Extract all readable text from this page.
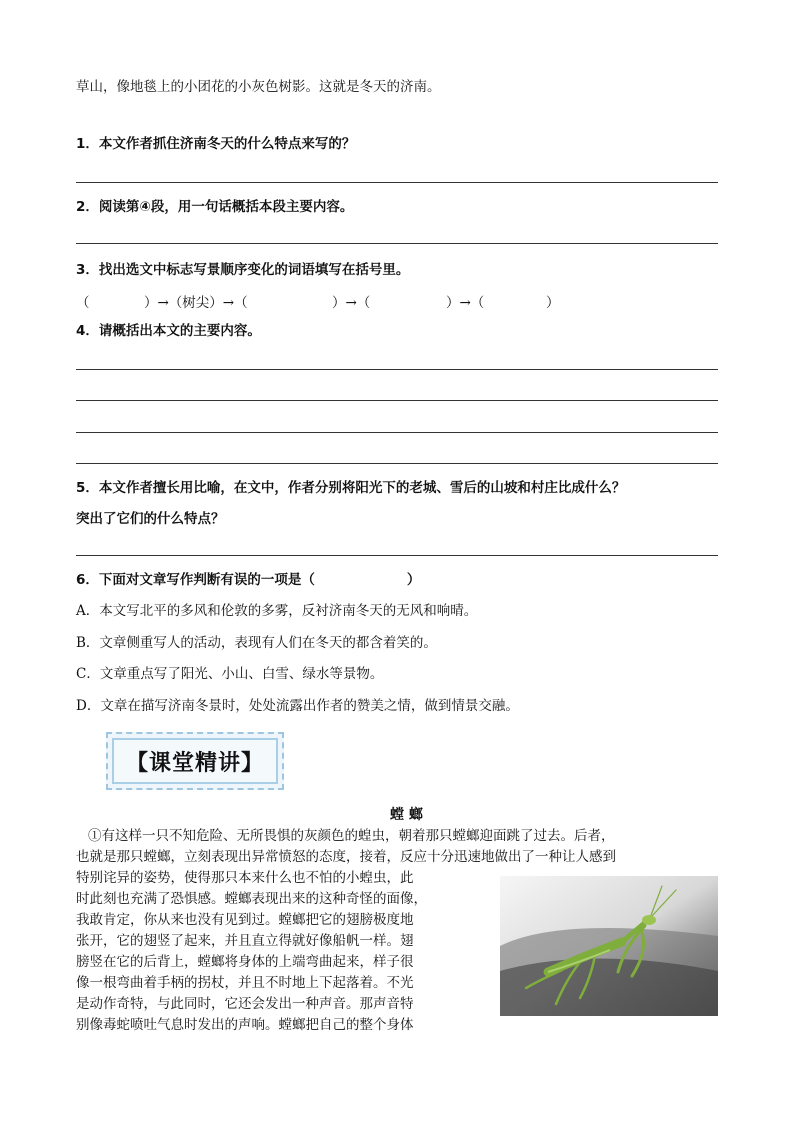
草山，像地毯上的小团花的小灰色树影。这就是冬天的济南。
1．本文作者抓住济南冬天的什么特点来写的？
2．阅读第④段，用一句话概括本段主要内容。
3．找出选文中标志写景顺序变化的词语填写在括号里。
（	）→（树尖）→（	）→（	）→（	）
4．请概括出本文的主要内容。
5．本文作者擅长用比喻，在文中，作者分别将阳光下的老城、雪后的山坡和村庄比成什么？
突出了它们的什么特点？
6．下面对文章写作判断有误的一项是（	）
A．本文写北平的多风和伦敦的多雾，反衬济南冬天的无风和响晴。
B．文章侧重写人的活动，表现有人们在冬天的都含着笑的。
C．文章重点写了阳光、小山、白雪、绿水等景物。
D．文章在描写济南冬景时，处处流露出作者的赞美之情，做到情景交融。
【课堂精讲】
螳 螂
①有这样一只不知危险、无所畏惧的灰颜色的蝗虫，朝着那只螳螂迎面跳了过去。后者，
也就是那只螳螂，立刻表现出异常愤怒的态度，接着，反应十分迅速地做出了一种让人感到
特别诧异的姿势，使得那只本来什么也不怕的小蝗虫，此
时此刻也充满了恐惧感。螳螂表现出来的这种奇怪的面像，
我敢肯定，你从来也没有见到过。螳螂把它的翅膀极度地
张开，它的翅竖了起来，并且直立得就好像船帆一样。翅
膀竖在它的后背上，螳螂将身体的上端弯曲起来，样子很
像一根弯曲着手柄的拐杖，并且不时地上下起落着。不光
是动作奇特，与此同时，它还会发出一种声音。那声音特
别像毒蛇喷吐气息时发出的声响。螳螂把自己的整个身体
